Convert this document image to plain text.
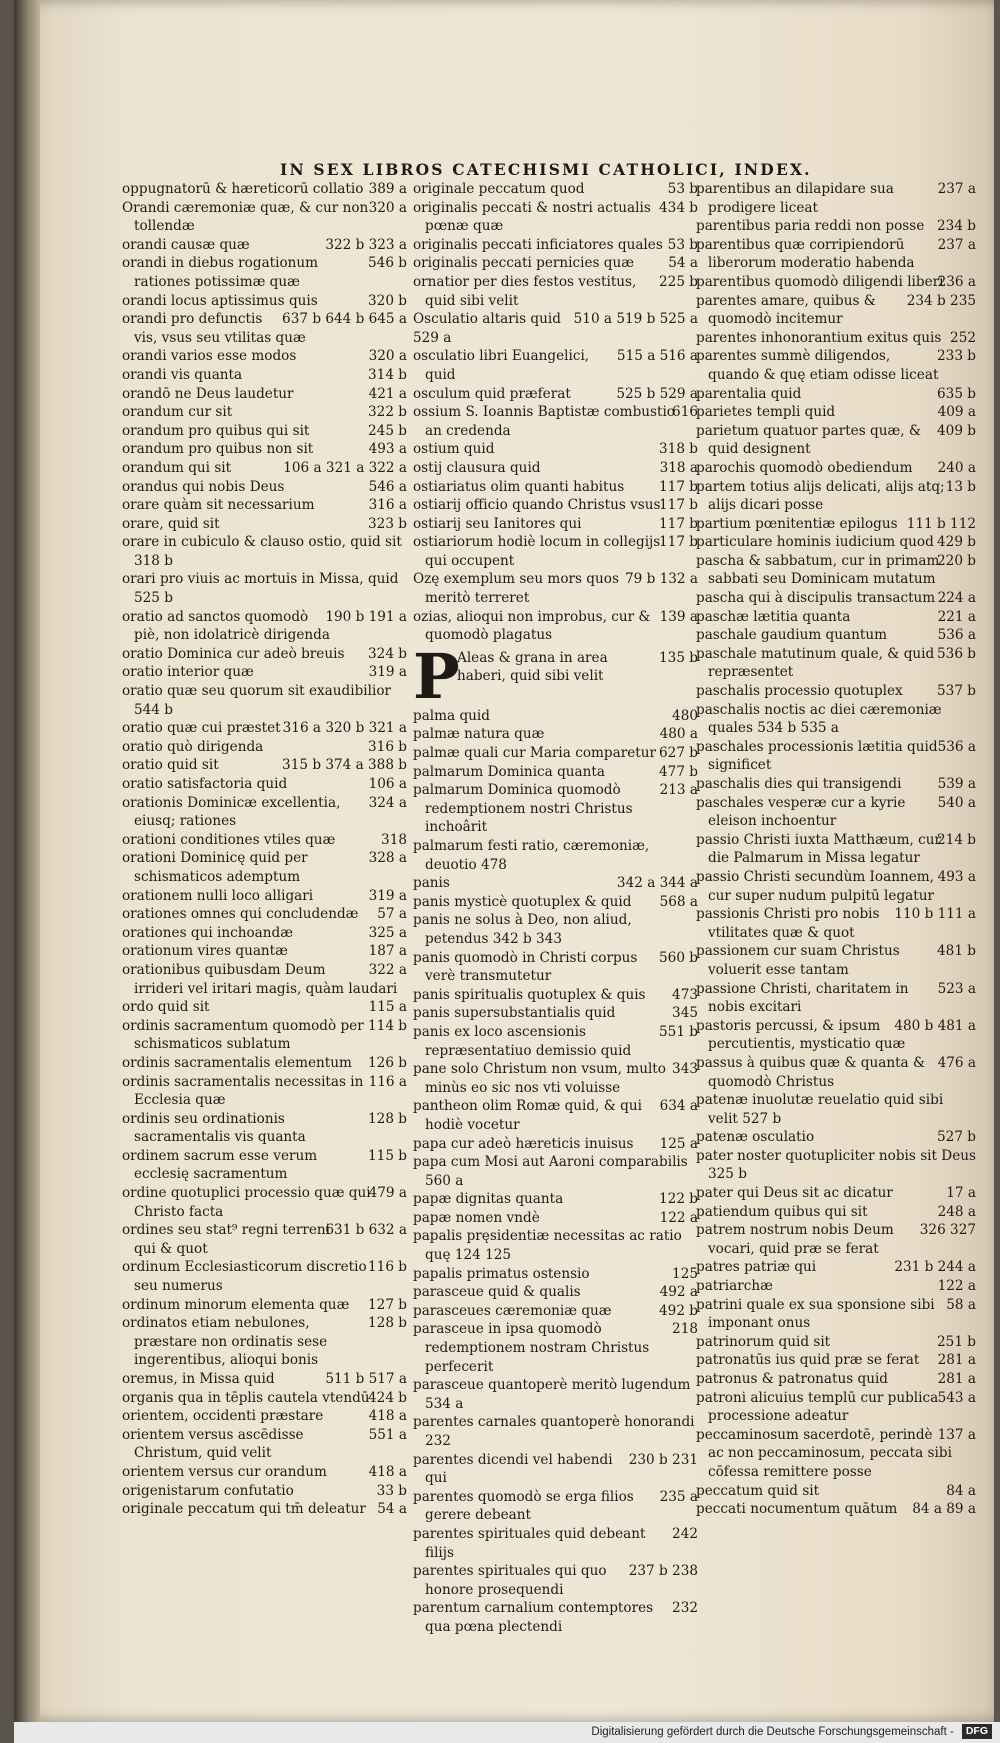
IN SEX LIBROS CATECHISMI CATHOLICI, INDEX.
389 a
oppugnatorū & hæreticorū collatio
320 a
Orandi cæremoniæ quæ, & cur non tollendæ
322 b 323 a
orandi causæ quæ
546 b
orandi in diebus rogationum rationes potissimæ quæ
320 b
orandi locus aptissimus quis
637 b 644 b 645 a
orandi pro defunctis vis, vsus seu vtilitas quæ
320 a
orandi varios esse modos
314 b
orandi vis quanta
421 a
orandō ne Deus laudetur
322 b
orandum cur sit
245 b
orandum pro quibus qui sit
493 a
orandum pro quibus non sit
106 a 321 a 322 a
orandum qui sit
546 a
orandus qui nobis Deus
316 a
orare quàm sit necessarium
323 b
orare, quid sit
orare in cubiculo & clauso ostio, quid sit 318 b
orari pro viuis ac mortuis in Missa, quid 525 b
190 b 191 a
oratio ad sanctos quomodò piè, non idolatricè dirigenda
324 b
oratio Dominica cur adeò breuis
319 a
oratio interior quæ
oratio quæ seu quorum sit exaudibilior 544 b
316 a 320 b 321 a
oratio quæ cui præstet
316 b
oratio quò dirigenda
315 b 374 a 388 b
oratio quid sit
106 a
oratio satisfactoria quid
324 a
orationis Dominicæ excellentia, eiusq; rationes
318
orationi conditiones vtiles quæ
328 a
orationi Dominicę quid per schismaticos ademptum
319 a
orationem nulli loco alligari
57 a
orationes omnes qui concludendæ
325 a
orationes qui inchoandæ
187 a
orationum vires quantæ
322 a
orationibus quibusdam Deum irrideri vel iritari magis, quàm laudari
115 a
ordo quid sit
114 b
ordinis sacramentum quomodò per schismaticos sublatum
126 b
ordinis sacramentalis elementum
116 a
ordinis sacramentalis necessitas in Ecclesia quæ
128 b
ordinis seu ordinationis sacramentalis vis quanta
115 b
ordinem sacrum esse verum ecclesię sacramentum
479 a
ordine quotuplici processio quæ qui Christo facta
631 b 632 a
ordines seu stat⁹ regni terreni qui & quot
116 b
ordinum Ecclesiasticorum discretio seu numerus
127 b
ordinum minorum elementa quæ
128 b
ordinatos etiam nebulones, præstare non ordinatis sese ingerentibus, alioqui bonis
511 b 517 a
oremus, in Missa quid
424 b
organis qua in tēplis cautela vtendū
418 a
orientem, occidenti præstare
551 a
orientem versus ascēdisse Christum, quid velit
418 a
orientem versus cur orandum
33 b
origenistarum confutatio
54 a
originale peccatum qui tm̄ deleatur
53 b
originale peccatum quod
434 b
originalis peccati & nostri actualis pœnæ quæ
53 b
originalis peccati inficiatores quales
54 a
originalis peccati pernicies quæ
225 b
ornatior per dies festos vestitus, quid sibi velit
510 a 519 b 525 a
Osculatio altaris quid
529 a
515 a 516 a
osculatio libri Euangelici, quid
525 b 529 a
osculum quid præferat
616
ossium S. Ioannis Baptistæ combustio an credenda
318 b
ostium quid
318 a
ostij clausura quid
117 b
ostiariatus olim quanti habitus
117 b
ostiarij officio quando Christus vsus
117 b
ostiarij seu Ianitores qui
117 b
ostiariorum hodiè locum in collegijs qui occupent
79 b 132 a
Ozę exemplum seu mors quos meritò terreret
139 a
ozias, alioqui non improbus, cur & quomodò plagatus
P	135 b
Aleas & grana in area haberi, quid sibi velit
480
palma quid
480 a
palmæ natura quæ
627 b
palmæ quali cur Maria comparetur
477 b
palmarum Dominica quanta
213 a
palmarum Dominica quomodò redemptionem nostri Christus inchoârit
palmarum festi ratio, cæremoniæ, deuotio 478
342 a 344 a
panis
568 a
panis mysticè quotuplex & quid
panis ne solus à Deo, non aliud, petendus 342 b 343
560 b
panis quomodò in Christi corpus verè transmutetur
473
panis spiritualis quotuplex & quis
345
panis supersubstantialis quid
551 b
panis ex loco ascensionis repræsentatiuo demissio quid
343
pane solo Christum non vsum, multo minùs eo sic nos vti voluisse
634 a
pantheon olim Romæ quid, & qui hodiè vocetur
125 a
papa cur adeò hæreticis inuisus
papa cum Mosi aut Aaroni comparabilis 560 a
122 b
papæ dignitas quanta
122 a
papæ nomen vndè
papalis pręsidentiæ necessitas ac ratio quę 124 125
125
papalis primatus ostensio
492 a
parasceue quid & qualis
492 b
parasceues cæremoniæ quæ
218
parasceue in ipsa quomodò redemptionem nostram Christus perfecerit
parasceue quantoperè meritò lugendum 534 a
parentes carnales quantoperè honorandi 232
230 b 231
parentes dicendi vel habendi qui
235 a
parentes quomodò se erga filios gerere debeant
242
parentes spirituales quid debeant filijs
237 b 238
parentes spirituales qui quo honore prosequendi
232
parentum carnalium contemptores qua pœna plectendi
237 a
parentibus an dilapidare sua prodigere liceat
234 b
parentibus paria reddi non posse
237 a
parentibus quæ corripiendorū liberorum moderatio habenda
236 a
parentibus quomodò diligendi liberi
234 b 235
parentes amare, quibus & quomodò incitemur
252
parentes inhonorantium exitus quis
233 b
parentes summè diligendos, quando & quę etiam odisse liceat
635 b
parentalia quid
409 a
parietes templi quid
409 b
parietum quatuor partes quæ, & quid designent
240 a
parochis quomodò obediendum
13 b
partem totius alijs delicati, alijs atq; alijs dicari posse
111 b 112
partium pœnitentiæ epilogus
429 b
particulare hominis iudicium quod
220 b
pascha & sabbatum, cur in primam sabbati seu Dominicam mutatum
224 a
pascha qui à discipulis transactum
221 a
paschæ lætitia quanta
536 a
paschale gaudium quantum
536 b
paschale matutinum quale, & quid repræsentet
537 b
paschalis processio quotuplex
paschalis noctis ac diei cæremoniæ quales 534 b 535 a
536 a
paschales processionis lætitia quid significet
539 a
paschalis dies qui transigendi
540 a
paschales vesperæ cur a kyrie eleison inchoentur
214 b
passio Christi iuxta Matthæum, cur die Palmarum in Missa legatur
493 a
passio Christi secundùm Ioannem, cur super nudum pulpitū legatur
110 b 111 a
passionis Christi pro nobis vtilitates quæ & quot
481 b
passionem cur suam Christus voluerit esse tantam
523 a
passione Christi, charitatem in nobis excitari
480 b 481 a
pastoris percussi, & ipsum percutientis, mysticatio quæ
476 a
passus à quibus quæ & quanta & quomodò Christus
patenæ inuolutæ reuelatio quid sibi velit 527 b
527 b
patenæ osculatio
pater noster quotupliciter nobis sit Deus 325 b
17 a
pater qui Deus sit ac dicatur
248 a
patiendum quibus qui sit
326 327
patrem nostrum nobis Deum vocari, quid præ se ferat
231 b 244 a
patres patriæ qui
122 a
patriarchæ
58 a
patrini quale ex sua sponsione sibi imponant onus
251 b
patrinorum quid sit
281 a
patronatūs ius quid præ se ferat
281 a
patronus & patronatus quid
543 a
patroni alicuius templū cur publica processione adeatur
137 a
peccaminosum sacerdotē, perindè ac non peccaminosum, peccata sibi cōfessa remittere posse
84 a
peccatum quid sit
84 a 89 a
peccati nocumentum quātum
Digitalisierung gefördert durch die Deutsche Forschungsgemeinschaft - DFG
